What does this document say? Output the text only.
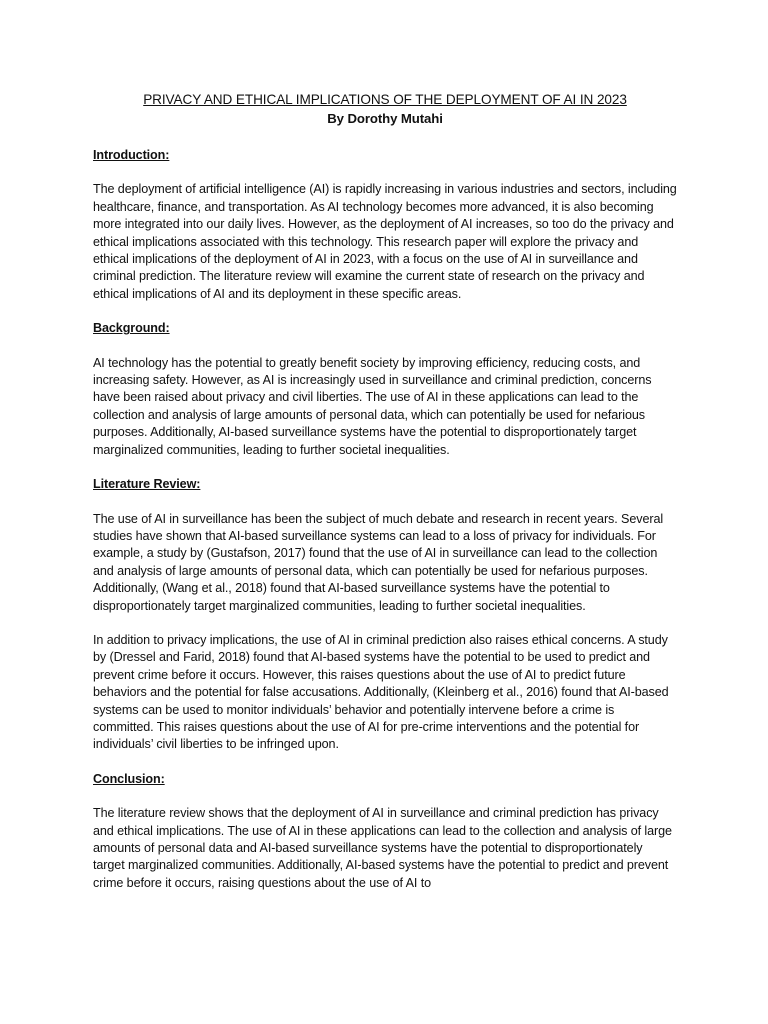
PRIVACY AND ETHICAL IMPLICATIONS OF THE DEPLOYMENT OF AI IN 2023
By Dorothy Mutahi
Introduction:

The deployment of artificial intelligence (AI) is rapidly increasing in various industries and sectors, including healthcare, finance, and transportation. As AI technology becomes more advanced, it is also becoming more integrated into our daily lives. However, as the deployment of AI increases, so too do the privacy and ethical implications associated with this technology. This research paper will explore the privacy and ethical implications of the deployment of AI in 2023, with a focus on the use of AI in surveillance and criminal prediction. The literature review will examine the current state of research on the privacy and ethical implications of AI and its deployment in these specific areas.

Background:

AI technology has the potential to greatly benefit society by improving efficiency, reducing costs, and increasing safety. However, as AI is increasingly used in surveillance and criminal prediction, concerns have been raised about privacy and civil liberties. The use of AI in these applications can lead to the collection and analysis of large amounts of personal data, which can potentially be used for nefarious purposes. Additionally, AI-based surveillance systems have the potential to disproportionately target marginalized communities, leading to further societal inequalities.

Literature Review:

The use of AI in surveillance has been the subject of much debate and research in recent years. Several studies have shown that AI-based surveillance systems can lead to a loss of privacy for individuals. For example, a study by (Gustafson, 2017) found that the use of AI in surveillance can lead to the collection and analysis of large amounts of personal data, which can potentially be used for nefarious purposes. Additionally, (Wang et al., 2018) found that AI-based surveillance systems have the potential to disproportionately target marginalized communities, leading to further societal inequalities.

In addition to privacy implications, the use of AI in criminal prediction also raises ethical concerns. A study by (Dressel and Farid, 2018) found that AI-based systems have the potential to be used to predict and prevent crime before it occurs. However, this raises questions about the use of AI to predict future behaviors and the potential for false accusations. Additionally, (Kleinberg et al., 2016) found that AI-based systems can be used to monitor individuals’ behavior and potentially intervene before a crime is committed. This raises questions about the use of AI for pre-crime interventions and the potential for individuals’ civil liberties to be infringed upon.

Conclusion:

The literature review shows that the deployment of AI in surveillance and criminal prediction has privacy and ethical implications. The use of AI in these applications can lead to the collection and analysis of large amounts of personal data and AI-based surveillance systems have the potential to disproportionately target marginalized communities. Additionally, AI-based systems have the potential to predict and prevent crime before it occurs, raising questions about the use of AI to
